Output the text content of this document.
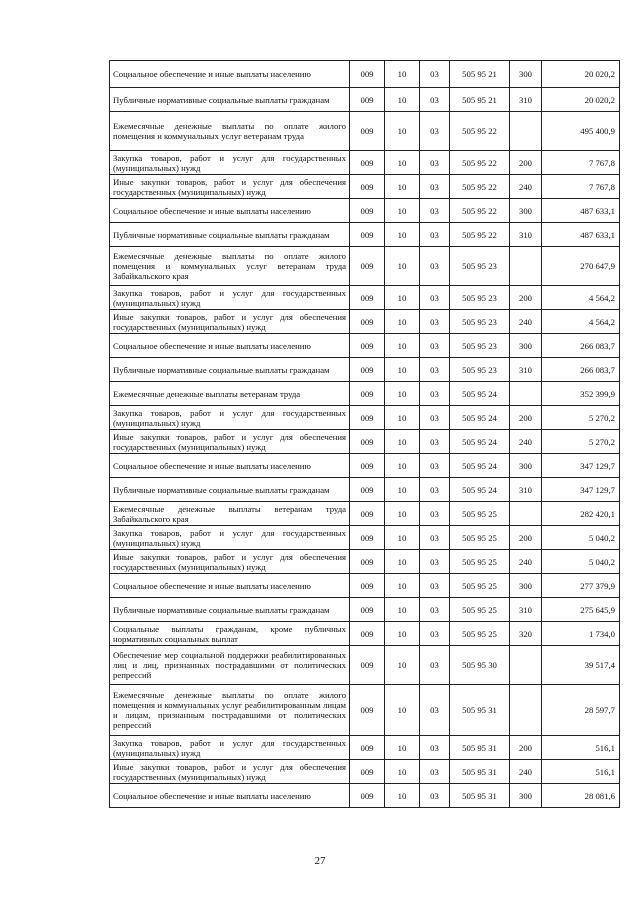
Социальное обеспечение и иные выплаты населению	009	10	03	505 95 21	300	20 020,2
Публичные нормативные социальные выплаты гражданам	009	10	03	505 95 21	310	20 020,2
Ежемесячные денежные выплаты по оплате жилого помещения и коммунальных услуг ветеранам труда	009	10	03	505 95 22		495 400,9
Закупка товаров, работ и услуг для государственных (муниципальных) нужд	009	10	03	505 95 22	200	7 767,8
Иные закупки товаров, работ и услуг для обеспечения государственных (муниципальных) нужд	009	10	03	505 95 22	240	7 767,8
Социальное обеспечение и иные выплаты населению	009	10	03	505 95 22	300	487 633,1
Публичные нормативные социальные выплаты гражданам	009	10	03	505 95 22	310	487 633,1
Ежемесячные денежные выплаты по оплате жилого помещения и коммунальных услуг ветеранам труда Забайкальского края	009	10	03	505 95 23		270 647,9
Закупка товаров, работ и услуг для государственных (муниципальных) нужд	009	10	03	505 95 23	200	4 564,2
Иные закупки товаров, работ и услуг для обеспечения государственных (муниципальных) нужд	009	10	03	505 95 23	240	4 564,2
Социальное обеспечение и иные выплаты населению	009	10	03	505 95 23	300	266 083,7
Публичные нормативные социальные выплаты гражданам	009	10	03	505 95 23	310	266 083,7
Ежемесячные денежные выплаты ветеранам труда	009	10	03	505 95 24		352 399,9
Закупка товаров, работ и услуг для государственных (муниципальных) нужд	009	10	03	505 95 24	200	5 270,2
Иные закупки товаров, работ и услуг для обеспечения государственных (муниципальных) нужд	009	10	03	505 95 24	240	5 270,2
Социальное обеспечение и иные выплаты населению	009	10	03	505 95 24	300	347 129,7
Публичные нормативные социальные выплаты гражданам	009	10	03	505 95 24	310	347 129,7
Ежемесячные денежные выплаты ветеранам труда Забайкальского края	009	10	03	505 95 25		282 420,1
Закупка товаров, работ и услуг для государственных (муниципальных) нужд	009	10	03	505 95 25	200	5 040,2
Иные закупки товаров, работ и услуг для обеспечения государственных (муниципальных) нужд	009	10	03	505 95 25	240	5 040,2
Социальное обеспечение и иные выплаты населению	009	10	03	505 95 25	300	277 379,9
Публичные нормативные социальные выплаты гражданам	009	10	03	505 95 25	310	275 645,9
Социальные выплаты гражданам, кроме публичных нормативных социальных выплат	009	10	03	505 95 25	320	1 734,0
Обеспечение мер социальной поддержки реабилитированных лиц и лиц, признанных пострадавшими от политических репрессий	009	10	03	505 95 30		39 517,4
Ежемесячные денежные выплаты по оплате жилого помещения и коммунальных услуг реабилитированным лицам и лицам, признанным пострадавшими от политических репрессий	009	10	03	505 95 31		28 597,7
Закупка товаров, работ и услуг для государственных (муниципальных) нужд	009	10	03	505 95 31	200	516,1
Иные закупки товаров, работ и услуг для обеспечения государственных (муниципальных) нужд	009	10	03	505 95 31	240	516,1
Социальное обеспечение и иные выплаты населению	009	10	03	505 95 31	300	28 081,6
27
